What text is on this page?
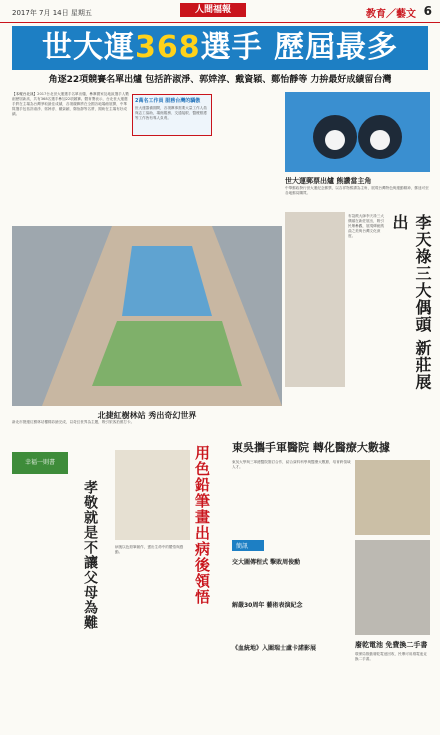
2017年 7月 14日 星期五	人間福報	教育／藝文 6
世大運368選手 歷屆最多
角逐22項競賽名單出爐 包括許淑淨、郭婞淳、戴資穎、鄭怡靜等 力拚最好成績留台灣
【本報台北訊】2017台北世大運選手名單出爐，參賽國家及地區選手人數創歷屆新高，共有368名選手參加22項競賽。體育署表示，台北世大運選手將在主場為台灣爭取最佳成績，各項競賽將在全國各地場館展開，中華隊選手包括許淑淨、郭婞淳、戴資穎、鄭怡靜等名將，期盼在主場有好成績。
2萬名工作員 服務台灣的驕傲
世大運籌備期間，各項賽事需要大量工作人員與志工協助，場館服務、交通接駁、醫療照護等工作皆有專人負責。
世大運郵票出爐 熊讚當主角
中華郵政發行世大運紀念郵票，以吉祥物熊讚為主角，展現台灣特色與運動精神，郵迷可至各地郵局購買。
李天祿三大偶頭 新莊展出
布袋戲大師李天祿三大偶頭在新莊展出，吸引民眾參觀，展現傳統戲曲之美與台灣文化深度。
北捷紅樹林站 秀出奇幻世界
新北市捷運紅樹林站樓梯彩繪完成，以奇幻世界為主題，吸引旅客拍照打卡。
幸福一則書
孝敬就是不讓父母為難	用色鉛筆畫出病後領悟
病後以色鉛筆創作，畫出生命中的體悟與感動。
東吳攜手軍醫院 轉化醫療大數據
東吳大學與三軍總醫院簽訂合作，結合資料科學與醫療大數據，培育跨領域人才。
簡訊
交大圖傳程式 擊敗周俊勳
解嚴30周年 藝術表演紀念
《血統地》入圍瑞士盧卡諾影展	廢乾電池 免費換二手書
環保局推動廢乾電池回收，民眾可用廢電池兌換二手書。
